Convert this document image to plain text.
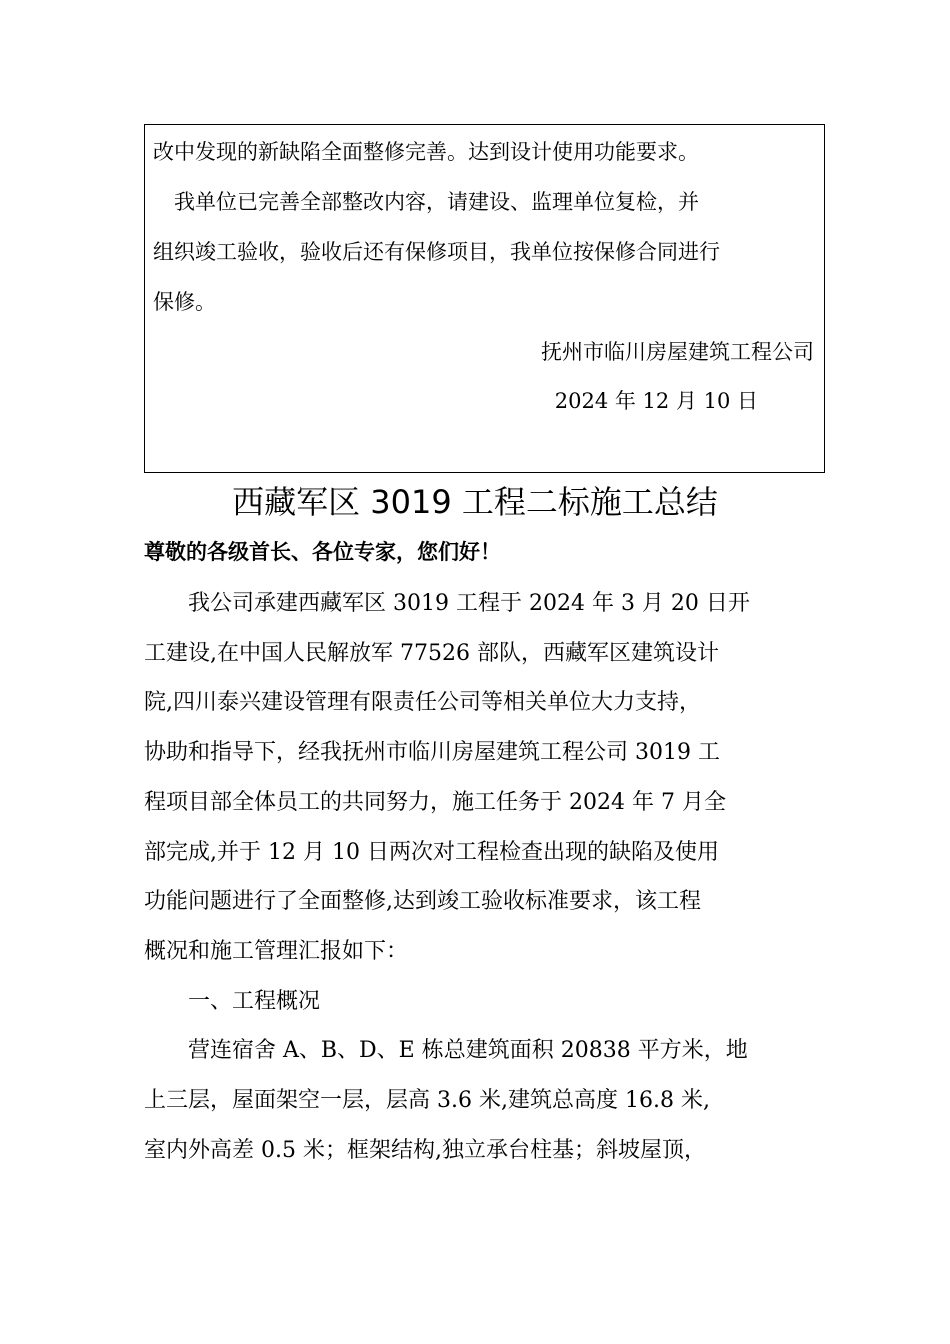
改中发现的新缺陷全面整修完善。达到设计使用功能要求。
　我单位已完善全部整改内容，请建设、监理单位复检，并
组织竣工验收，验收后还有保修项目，我单位按保修合同进行
保修。
抚州市临川房屋建筑工程公司
2024 年 12 月 10 日
西藏军区 3019 工程二标施工总结
尊敬的各级首长、各位专家，您们好！
　　我公司承建西藏军区 3019 工程于 2024 年 3 月 20 日开
工建设,在中国人民解放军 77526 部队，西藏军区建筑设计
院,四川泰兴建设管理有限责任公司等相关单位大力支持，
协助和指导下，经我抚州市临川房屋建筑工程公司 3019 工
程项目部全体员工的共同努力，施工任务于 2024 年 7 月全
部完成,并于 12 月 10 日两次对工程检查出现的缺陷及使用
功能问题进行了全面整修,达到竣工验收标准要求，该工程
概况和施工管理汇报如下：
　　一、工程概况
　　营连宿舍 A、B、D、E 栋总建筑面积 20838 平方米，地
上三层，屋面架空一层，层高 3.6 米,建筑总高度 16.8 米,
室内外高差 0.5 米；框架结构,独立承台柱基；斜坡屋顶，
